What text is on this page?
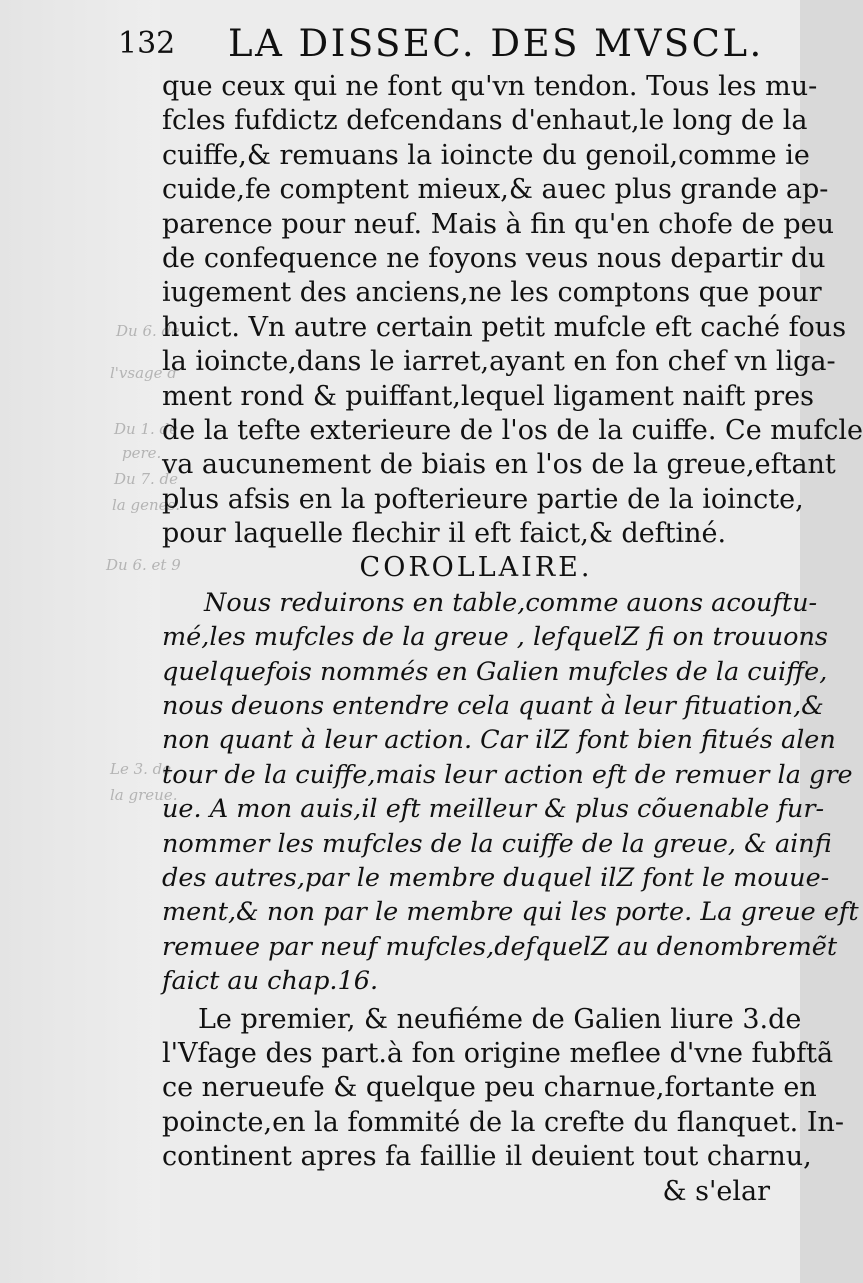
Du 6. de
l'vsage d
Du 1. de
pere.
Du 7. de
la genes.
Du 6. et 9
Le 3. de
la greue.
132 LA DISSEC. DES MVSCL.
que ceux qui ne font qu'vn tendon. Tous les mu-
fcles fufdictz defcendans d'enhaut,le long de la
cuiffe,& remuans la ioincte du genoil,comme ie
cuide,fe comptent mieux,& auec plus grande ap-
parence pour neuf. Mais à fin qu'en chofe de peu
de confequence ne foyons veus nous departir du
iugement des anciens,ne les comptons que pour
huict. Vn autre certain petit mufcle eft caché fous
la ioincte,dans le iarret,ayant en fon chef vn liga-
ment rond & puiffant,lequel ligament naift pres
de la tefte exterieure de l'os de la cuiffe. Ce mufcle
va aucunement de biais en l'os de la greue,eftant
plus afsis en la pofterieure partie de la ioincte,
pour laquelle flechir il eft faict,& deftiné.
COROLLAIRE.
Nous reduirons en table,comme auons acouftu-
mé,les mufcles de la greue , lefquelZ fi on trouuons
quelquefois nommés en Galien mufcles de la cuiffe,
nous deuons entendre cela quant à leur fituation,&
non quant à leur action. Car ilZ font bien fitués alen
tour de la cuiffe,mais leur action eft de remuer la gre
ue. A mon auis,il eft meilleur & plus cõuenable fur-
nommer les mufcles de la cuiffe de la greue, & ainfi
des autres,par le membre duquel ilZ font le mouue-
ment,& non par le membre qui les porte. La greue eft
remuee par neuf mufcles,defquelZ au denombremẽt
faict au chap.16.
Le premier, & neufiéme de Galien liure 3.de
l'Vfage des part.à fon origine meflee d'vne fubftã
ce nerueufe & quelque peu charnue,fortante en
poincte,en la fommité de la crefte du flanquet. In-
continent apres fa faillie il deuient tout charnu,
& s'elar
